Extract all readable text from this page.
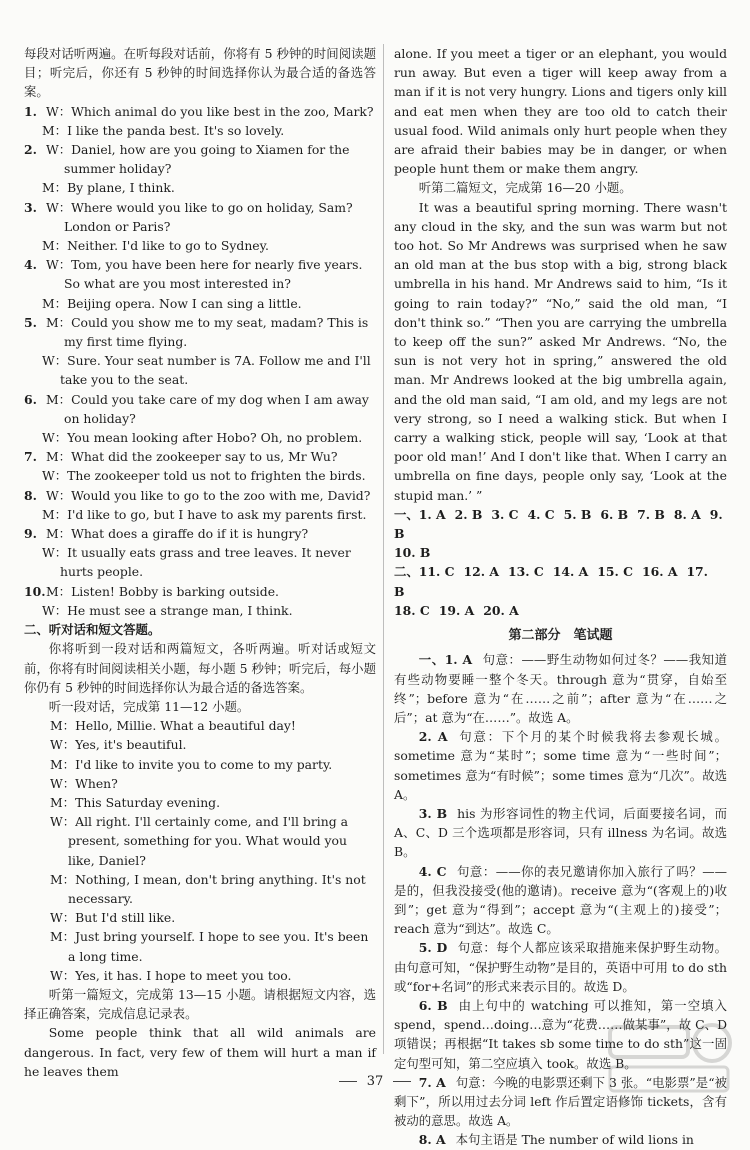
每段对话听两遍。在听每段对话前，你将有 5 秒钟的时间阅读题目；听完后，你还有 5 秒钟的时间选择你认为最合适的备选答案。

1. W：Which animal do you like best in the zoo, Mark?

M：I like the panda best. It's so lovely.

2. W：Daniel, how are you going to Xiamen for the summer holiday?

M：By plane, I think.

3. W：Where would you like to go on holiday, Sam? London or Paris?

M：Neither. I'd like to go to Sydney.

4. W：Tom, you have been here for nearly five years. So what are you most interested in?

M：Beijing opera. Now I can sing a little.

5. M：Could you show me to my seat, madam? This is my first time flying.

W：Sure. Your seat number is 7A. Follow me and I'll take you to the seat.

6. M：Could you take care of my dog when I am away on holiday?

W：You mean looking after Hobo? Oh, no problem.

7. M：What did the zookeeper say to us, Mr Wu?

W：The zookeeper told us not to frighten the birds.

8. W：Would you like to go to the zoo with me, David?

M：I'd like to go, but I have to ask my parents first.

9. M：What does a giraffe do if it is hungry?

W：It usually eats grass and tree leaves. It never hurts people.

10. M：Listen! Bobby is barking outside.

W：He must see a strange man, I think.

二、听对话和短文答题。

你将听到一段对话和两篇短文，各听两遍。听对话或短文前，你将有时间阅读相关小题，每小题 5 秒钟；听完后，每小题你仍有 5 秒钟的时间选择你认为最合适的备选答案。

听一段对话，完成第 11—12 小题。

M：Hello, Millie. What a beautiful day!

W：Yes, it's beautiful.

M：I'd like to invite you to come to my party.

W：When?

M：This Saturday evening.

W：All right. I'll certainly come, and I'll bring a present, something for you. What would you like, Daniel?

M：Nothing, I mean, don't bring anything. It's not necessary.

W：But I'd still like.

M：Just bring yourself. I hope to see you. It's been a long time.

W：Yes, it has. I hope to meet you too.

听第一篇短文，完成第 13—15 小题。请根据短文内容，选择正确答案，完成信息记录表。

Some people think that all wild animals are dangerous. In fact, very few of them will hurt a man if he leaves them

alone. If you meet a tiger or an elephant, you would run away. But even a tiger will keep away from a man if it is not very hungry. Lions and tigers only kill and eat men when they are too old to catch their usual food. Wild animals only hurt people when they are afraid their babies may be in danger, or when people hunt them or make them angry.

听第二篇短文，完成第 16—20 小题。

It was a beautiful spring morning. There wasn't any cloud in the sky, and the sun was warm but not too hot. So Mr Andrews was surprised when he saw an old man at the bus stop with a big, strong black umbrella in his hand. Mr Andrews said to him, “Is it going to rain today?” “No,” said the old man, “I don't think so.” “Then you are carrying the umbrella to keep off the sun?” asked Mr Andrews. “No, the sun is not very hot in spring,” answered the old man. Mr Andrews looked at the big umbrella again, and the old man said, “I am old, and my legs are not very strong, so I need a walking stick. But when I carry a walking stick, people will say, ‘Look at that poor old man!’ And I don't like that. When I carry an umbrella on fine days, people only say, ‘Look at the stupid man.’ ”

一、1. A 2. B 3. C 4. C 5. B 6. B 7. B 8. A 9. B

10. B

二、11. C 12. A 13. C 14. A 15. C 16. A 17. B

18. C 19. A 20. A

第二部分　笔试题

一、1. A 句意：——野生动物如何过冬？——我知道有些动物要睡一整个冬天。through 意为“贯穿，自始至终”；before 意为“在……之前”；after 意为“在……之后”；at 意为“在……”。故选 A。

2. A 句意：下个月的某个时候我将去参观长城。sometime 意为“某时”；some time 意为“一些时间”；sometimes 意为“有时候”；some times 意为“几次”。故选 A。

3. B his 为形容词性的物主代词，后面要接名词，而 A、C、D 三个选项都是形容词，只有 illness 为名词。故选 B。

4. C 句意：——你的表兄邀请你加入旅行了吗？——是的，但我没接受(他的邀请)。receive 意为“(客观上的)收到”；get 意为“得到”；accept 意为“(主观上的)接受”；reach 意为“到达”。故选 C。

5. D 句意：每个人都应该采取措施来保护野生动物。由句意可知，“保护野生动物”是目的，英语中可用 to do sth 或“for+名词”的形式来表示目的。故选 D。

6. B 由上句中的 watching 可以推知，第一空填入 spend，spend…doing…意为“花费……做某事”，故 C、D 项错误；再根据“It takes sb some time to do sth”这一固定句型可知，第二空应填入 took。故选 B。

7. A 句意：今晚的电影票还剩下 3 张。“电影票”是“被剩下”，所以用过去分词 left 作后置定语修饰 tickets，含有被动的意思。故选 A。

8. A 本句主语是 The number of wild lions in

37
